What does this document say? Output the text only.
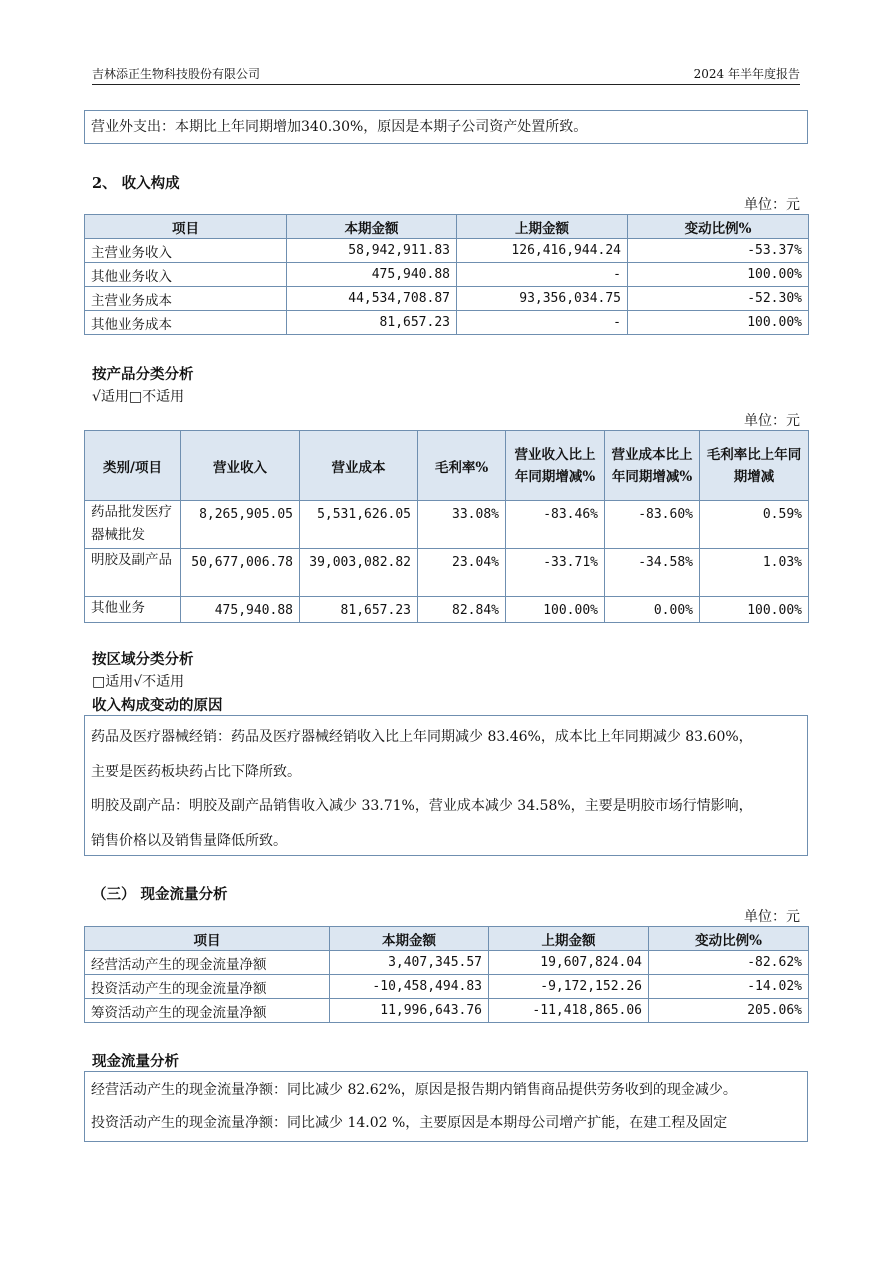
吉林添正生物科技股份有限公司	2024 年半年度报告

营业外支出：本期比上年同期增加340.30%，原因是本期子公司资产处置所致。

2、 收入构成
单位：元
项目	本期金额	上期金额	变动比例%
主营业务收入	58,942,911.83	126,416,944.24	-53.37%
其他业务收入	475,940.88	-	100.00%
主营业务成本	44,534,708.87	93,356,034.75	-52.30%
其他业务成本	81,657.23	-	100.00%
按产品分类分析
√适用□不适用
单位：元
类别/项目	营业收入	营业成本	毛利率%	营业收入比上年同期增减%	营业成本比上年同期增减%	毛利率比上年同期增减
药品批发医疗器械批发	8,265,905.05	5,531,626.05	33.08%	-83.46%	-83.60%	0.59%
明胶及副产品	50,677,006.78	39,003,082.82	23.04%	-33.71%	-34.58%	1.03%
其他业务	475,940.88	81,657.23	82.84%	100.00%	0.00%	100.00%
按区域分类分析
□适用√不适用
收入构成变动的原因

药品及医疗器械经销：药品及医疗器械经销收入比上年同期减少 83.46%，成本比上年同期减少 83.60%，

主要是医药板块药占比下降所致。

明胶及副产品：明胶及副产品销售收入减少 33.71%，营业成本减少 34.58%，主要是明胶市场行情影响，

销售价格以及销售量降低所致。

（三） 现金流量分析
单位：元
项目	本期金额	上期金额	变动比例%
经营活动产生的现金流量净额	3,407,345.57	19,607,824.04	-82.62%
投资活动产生的现金流量净额	-10,458,494.83	-9,172,152.26	-14.02%
筹资活动产生的现金流量净额	11,996,643.76	-11,418,865.06	205.06%
现金流量分析

经营活动产生的现金流量净额：同比减少 82.62%，原因是报告期内销售商品提供劳务收到的现金减少。

投资活动产生的现金流量净额：同比减少 14.02 %，主要原因是本期母公司增产扩能，在建工程及固定
